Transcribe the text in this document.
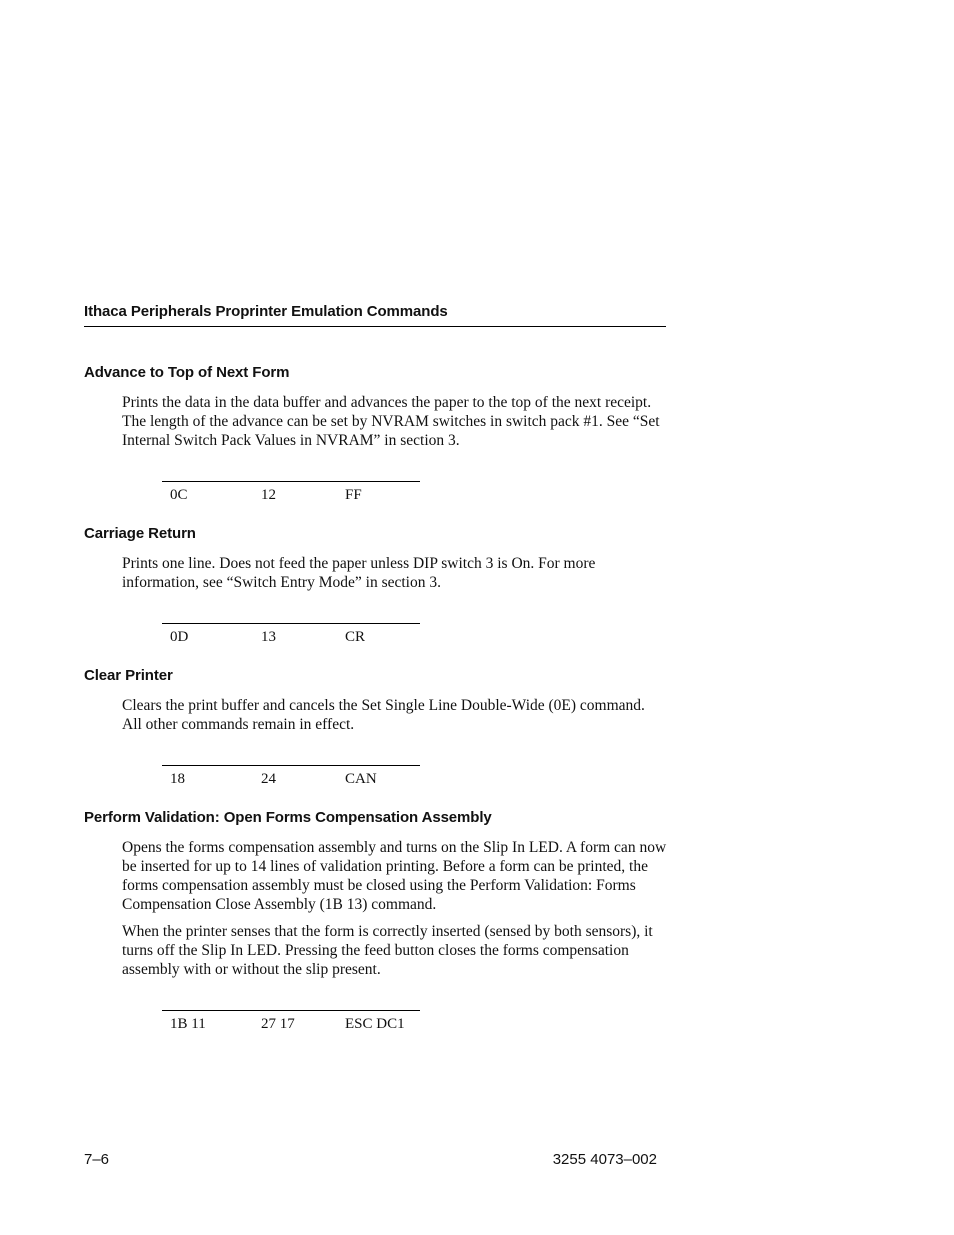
Ithaca Peripherals Proprinter Emulation Commands
Advance to Top of Next Form

Prints the data in the data buffer and advances the paper to the top of the next receipt. The length of the advance can be set by NVRAM switches in switch pack #1. See “Set Internal Switch Pack Values in NVRAM” in section 3.

0C	12	FF
Carriage Return

Prints one line. Does not feed the paper unless DIP switch 3 is On. For more information, see “Switch Entry Mode” in section 3.

0D	13	CR
Clear Printer

Clears the print buffer and cancels the Set Single Line Double-Wide (0E) command. All other commands remain in effect.

18	24	CAN
Perform Validation: Open Forms Compensation Assembly

Opens the forms compensation assembly and turns on the Slip In LED. A form can now be inserted for up to 14 lines of validation printing. Before a form can be printed, the forms compensation assembly must be closed using the Perform Validation: Forms Compensation Close Assembly (1B 13) command.

When the printer senses that the form is correctly inserted (sensed by both sensors), it turns off the Slip In LED. Pressing the feed button closes the forms compensation assembly with or without the slip present.

1B 11	27 17	ESC DC1
7–6	3255 4073–002
